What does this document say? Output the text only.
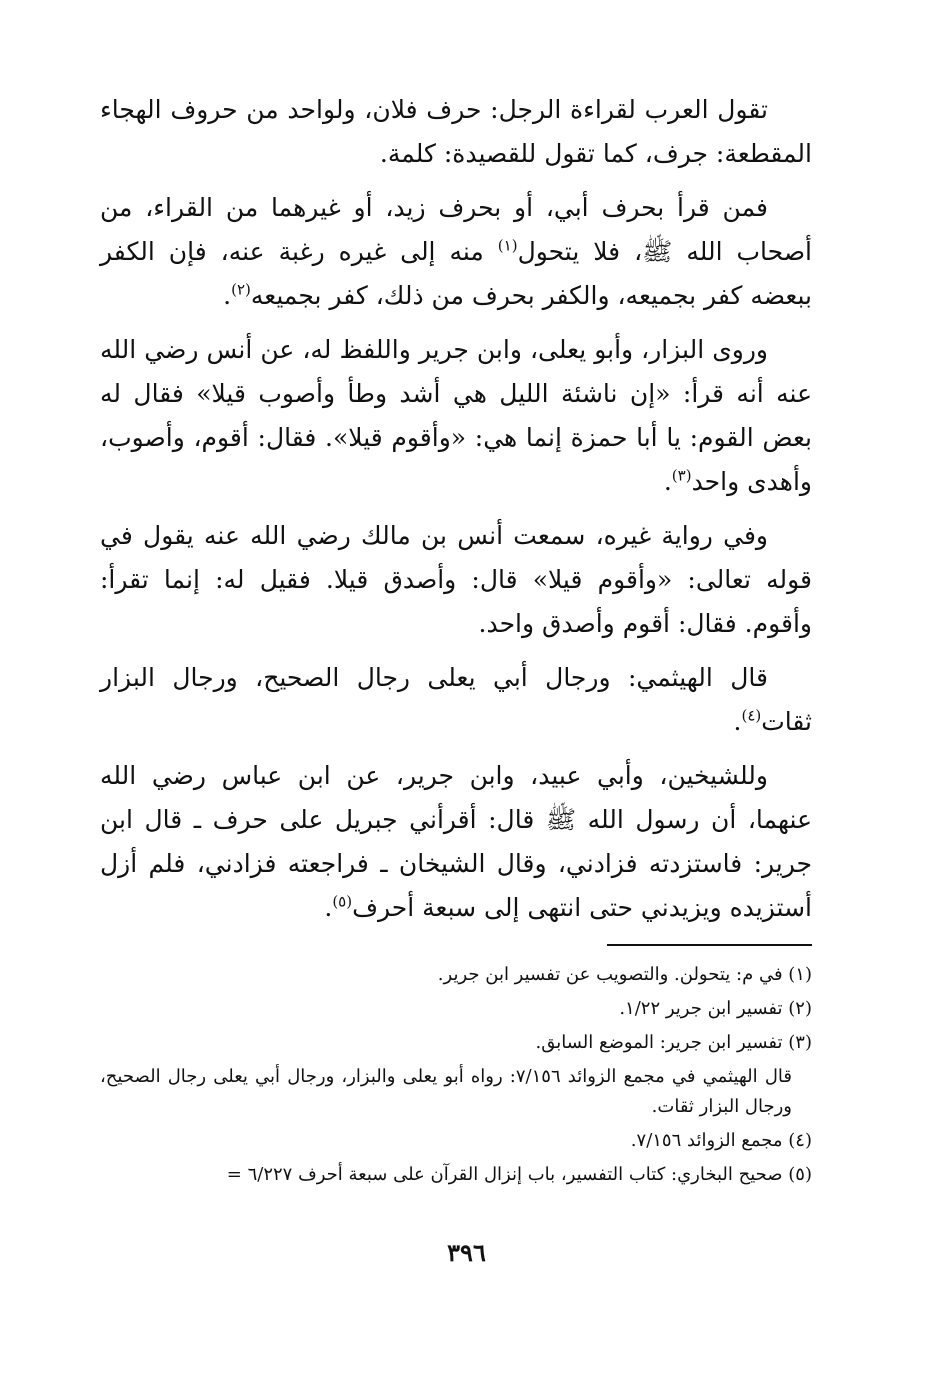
تقول العرب لقراءة الرجل: حرف فلان، ولواحد من حروف الهجاء المقطعة: جرف، كما تقول للقصيدة: كلمة.

فمن قرأ بحرف أبي، أو بحرف زيد، أو غيرهما من القراء، من أصحاب الله ﷺ، فلا يتحول$^{(١)}$ منه إلى غيره رغبة عنه، فإن الكفر ببعضه كفر بجميعه، والكفر بحرف من ذلك، كفر بجميعه$^{(٢)}$.

وروى البزار، وأبو يعلى، وابن جرير واللفظ له، عن أنس رضي الله عنه أنه قرأ: «إن ناشئة الليل هي أشد وطأ وأصوب قيلا» فقال له بعض القوم: يا أبا حمزة إنما هي: «وأقوم قيلا». فقال: أقوم، وأصوب، وأهدى واحد$^{(٣)}$.

وفي رواية غيره، سمعت أنس بن مالك رضي الله عنه يقول في قوله تعالى: «وأقوم قيلا» قال: وأصدق قيلا. فقيل له: إنما تقرأ: وأقوم. فقال: أقوم وأصدق واحد.

قال الهيثمي: ورجال أبي يعلى رجال الصحيح، ورجال البزار ثقات$^{(٤)}$.

وللشيخين، وأبي عبيد، وابن جرير، عن ابن عباس رضي الله عنهما، أن رسول الله ﷺ قال: أقرأني جبريل على حرف ـ قال ابن جرير: فاستزدته فزادني، وقال الشيخان ـ فراجعته فزادني، فلم أزل أستزيده ويزيدني حتى انتهى إلى سبعة أحرف$^{(٥)}$.

(١) في م: يتحولن. والتصويب عن تفسير ابن جرير.

(٢) تفسير ابن جرير ١/٢٢.

(٣) تفسير ابن جرير: الموضع السابق.

قال الهيثمي في مجمع الزوائد ٧/١٥٦: رواه أبو يعلى والبزار، ورجال أبي يعلى رجال الصحيح، ورجال البزار ثقات.

(٤) مجمع الزوائد ٧/١٥٦.

(٥) صحيح البخاري: كتاب التفسير، باب إنزال القرآن على سبعة أحرف ٦/٢٢٧ =

٣٩٦
